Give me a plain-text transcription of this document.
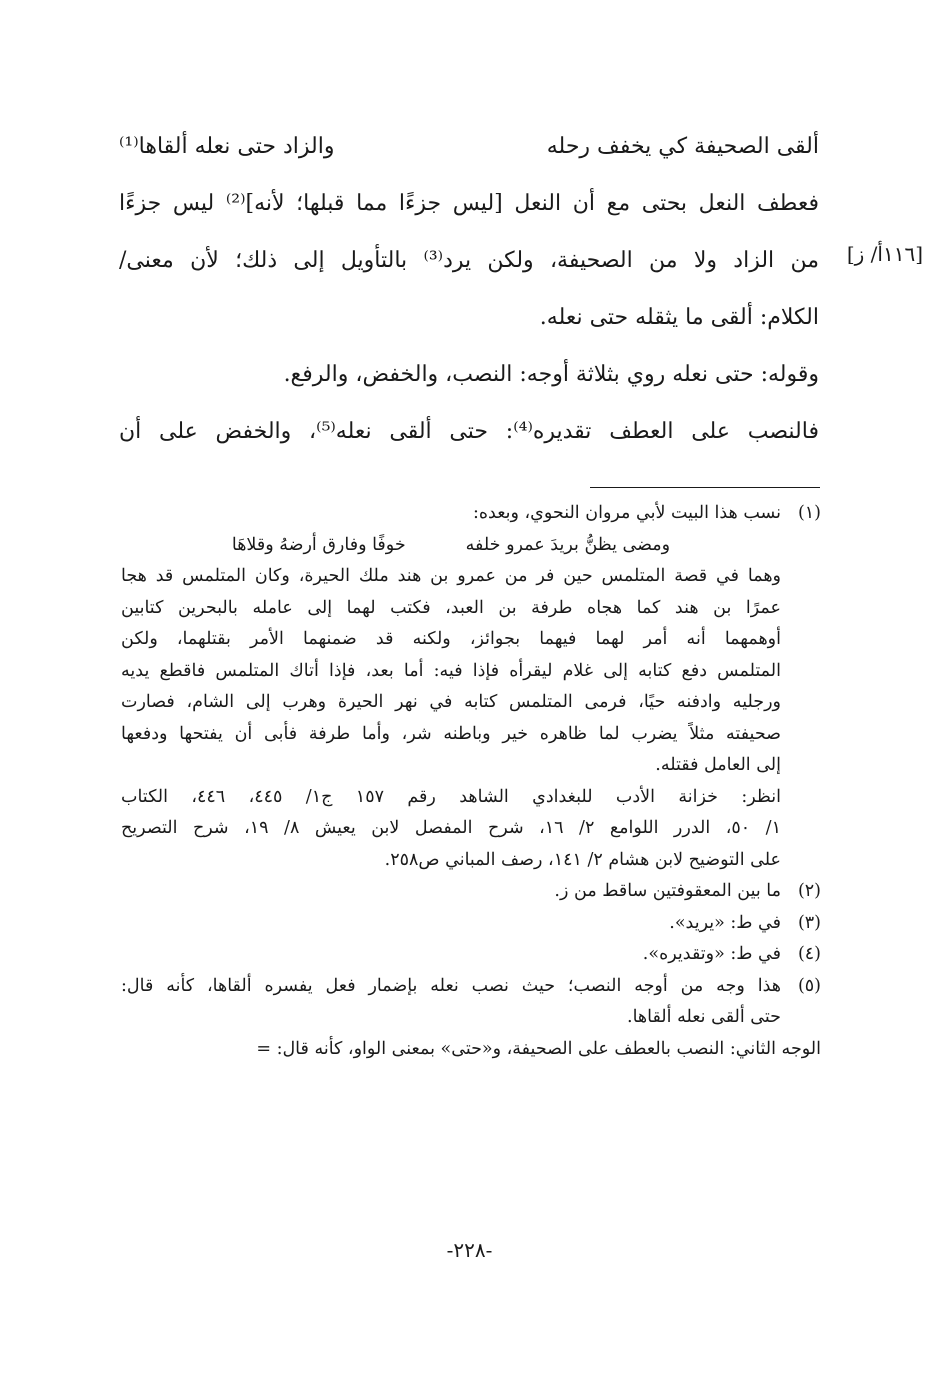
ألقى الصحيفة كي يخفف رحله
والزاد حتى نعله ألقاها⁽¹⁾
فعطف النعل بحتى مع أن النعل [ليس جزءًا مما قبلها؛ لأنه]⁽²⁾ ليس جزءًا
من الزاد ولا من الصحيفة، ولكن يرد⁽³⁾ بالتأويل إلى ذلك؛ لأن معنى/
الكلام: ألقى ما يثقله حتى نعله.
وقوله: حتى نعله روي بثلاثة أوجه: النصب، والخفض، والرفع.
فالنصب على العطف تقديره⁽⁴⁾: حتى ألقى نعله⁽⁵⁾، والخفض على أن
[١١٦أ/ ز]
(١)
نسب هذا البيت لأبي مروان النحوي، وبعده:
ومضى يظنُّ بريدَ عمرو خلفه
خوفًا وفارق أرضهُ وقلاهَا
وهما في قصة المتلمس حين فر من عمرو بن هند ملك الحيرة، وكان المتلمس قد هجا
عمرًا بن هند كما هجاه طرفة بن العبد، فكتب لهما إلى عامله بالبحرين كتابين
أوهمهما أنه أمر لهما فيهما بجوائز، ولكنه قد ضمنهما الأمر بقتلهما، ولكن
المتلمس دفع كتابه إلى غلام ليقرأه فإذا فيه: أما بعد، فإذا أتاك المتلمس فاقطع يديه
ورجليه وادفنه حيًا، فرمى المتلمس كتابه في نهر الحيرة وهرب إلى الشام، فصارت
صحيفته مثلاً يضرب لما ظاهره خير وباطنه شر، وأما طرفة فأبى أن يفتحها ودفعها
إلى العامل فقتله.
انظر: خزانة الأدب للبغدادي الشاهد رقم ١٥٧ ج١/ ٤٤٥، ٤٤٦، الكتاب
١/ ٥٠، الدرر اللوامع ٢/ ١٦، شرح المفصل لابن يعيش ٨/ ١٩، شرح التصريح
على التوضيح لابن هشام ٢/ ١٤١، رصف المباني ص٢٥٨.
(٢)
ما بين المعقوفتين ساقط من ز.
(٣)
في ط: «يريد».
(٤)
في ط: «وتقديره».
(٥)
هذا وجه من أوجه النصب؛ حيث نصب نعله بإضمار فعل يفسره ألقاها، كأنه قال:
حتى ألقى نعله ألقاها.
الوجه الثاني: النصب بالعطف على الصحيفة، و«حتى» بمعنى الواو، كأنه قال: =
-٢٢٨-
